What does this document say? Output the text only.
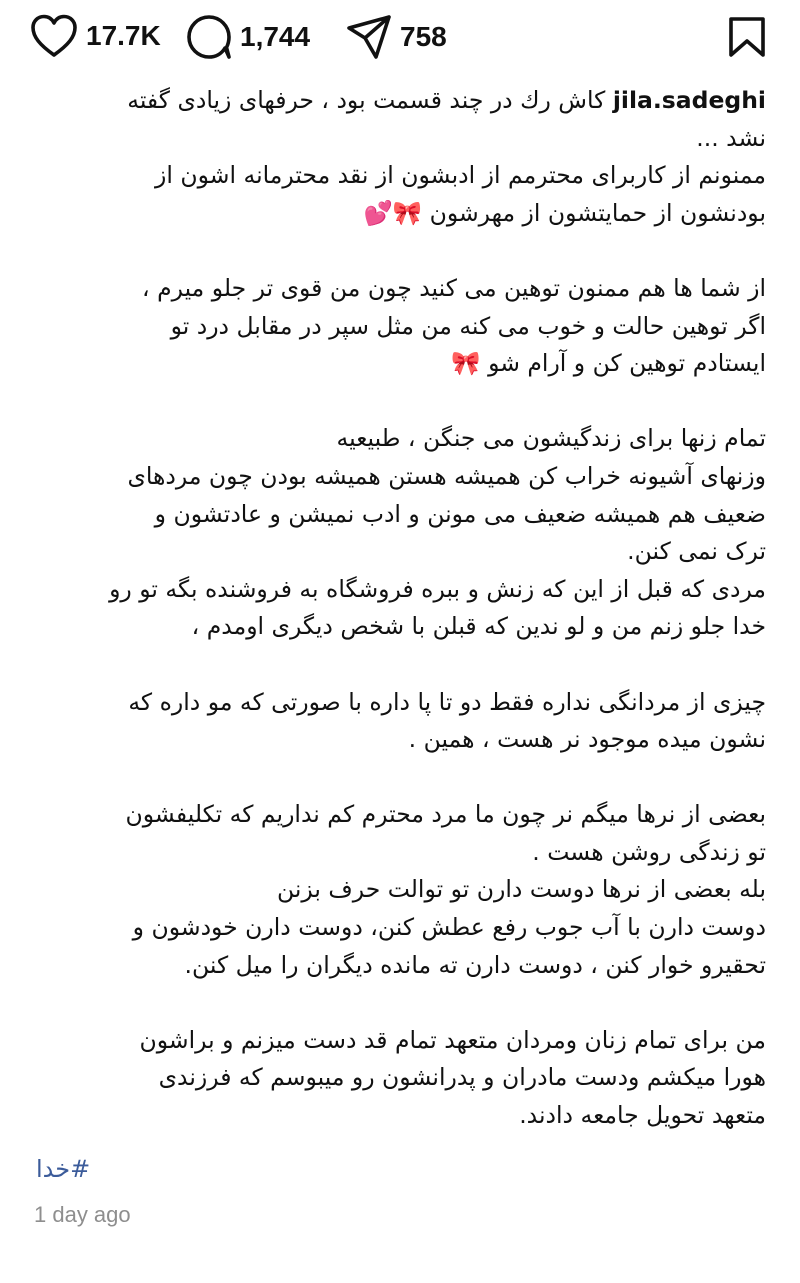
17.7K	1,744	758
jila.sadeghi کاش رك در چند قسمت بود ، حرفهای زیادی گفته
نشد ...
ممنونم از کاربرای محترمم از ادبشون از نقد محترمانه اشون از
بودنشون از حمایتشون از مهرشون 🎀💕
از شما ها هم ممنون توهین می کنید چون من قوی تر جلو میرم ،
اگر توهین حالت و خوب می کنه من مثل سپر در مقابل درد تو
ایستادم توهین کن و آرام شو 🎀
تمام زنها برای زندگیشون می جنگن ، طبیعیه
وزنهای آشیونه خراب کن همیشه هستن همیشه بودن چون مردهای
ضعیف هم همیشه ضعیف می مونن و ادب نمیشن و عادتشون و
ترک نمی کنن.
مردی که قبل از این که زنش و ببره فروشگاه به فروشنده بگه تو رو
خدا جلو زنم من و لو ندین که قبلن با شخص دیگری اومدم ،
چیزی از مردانگی نداره فقط دو تا پا داره با صورتی که مو داره که
نشون میده موجود نر هست ، همین .
بعضی از نرها میگم نر چون ما مرد محترم کم نداریم که تکلیفشون
تو زندگی روشن هست .
بله بعضی از نرها دوست دارن تو توالت حرف بزنن
دوست دارن با آب جوب رفع عطش کنن، دوست دارن خودشون و
تحقیرو خوار کنن ، دوست دارن ته مانده دیگران را میل کنن.
من برای تمام زنان ومردان متعهد تمام قد دست میزنم و براشون
هورا میکشم ودست مادران و پدرانشون رو میبوسم که فرزندی
متعهد تحویل جامعه دادند.
#خدا
1 day ago
